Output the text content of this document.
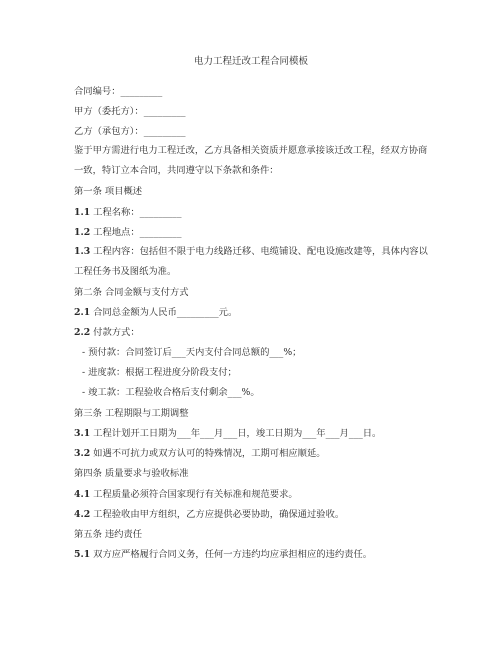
电力工程迁改工程合同模板
合同编号：_________
甲方（委托方）：_________
乙方（承包方）：_________
鉴于甲方需进行电力工程迁改，乙方具备相关资质并愿意承接该迁改工程，经双方协商一致，特订立本合同，共同遵守以下条款和条件：
第一条 项目概述
1.1 工程名称：_________
1.2 工程地点：_________
1.3 工程内容：包括但不限于电力线路迁移、电缆铺设、配电设施改建等，具体内容以工程任务书及图纸为准。
第二条 合同金额与支付方式
2.1 合同总金额为人民币_________元。
2.2 付款方式：
- 预付款：合同签订后___天内支付合同总额的___%；
- 进度款：根据工程进度分阶段支付；
- 竣工款：工程验收合格后支付剩余___%。
第三条 工程期限与工期调整
3.1 工程计划开工日期为___年___月___日，竣工日期为___年___月___日。
3.2 如遇不可抗力或双方认可的特殊情况，工期可相应顺延。
第四条 质量要求与验收标准
4.1 工程质量必须符合国家现行有关标准和规范要求。
4.2 工程验收由甲方组织，乙方应提供必要协助，确保通过验收。
第五条 违约责任
5.1 双方应严格履行合同义务，任何一方违约均应承担相应的违约责任。
